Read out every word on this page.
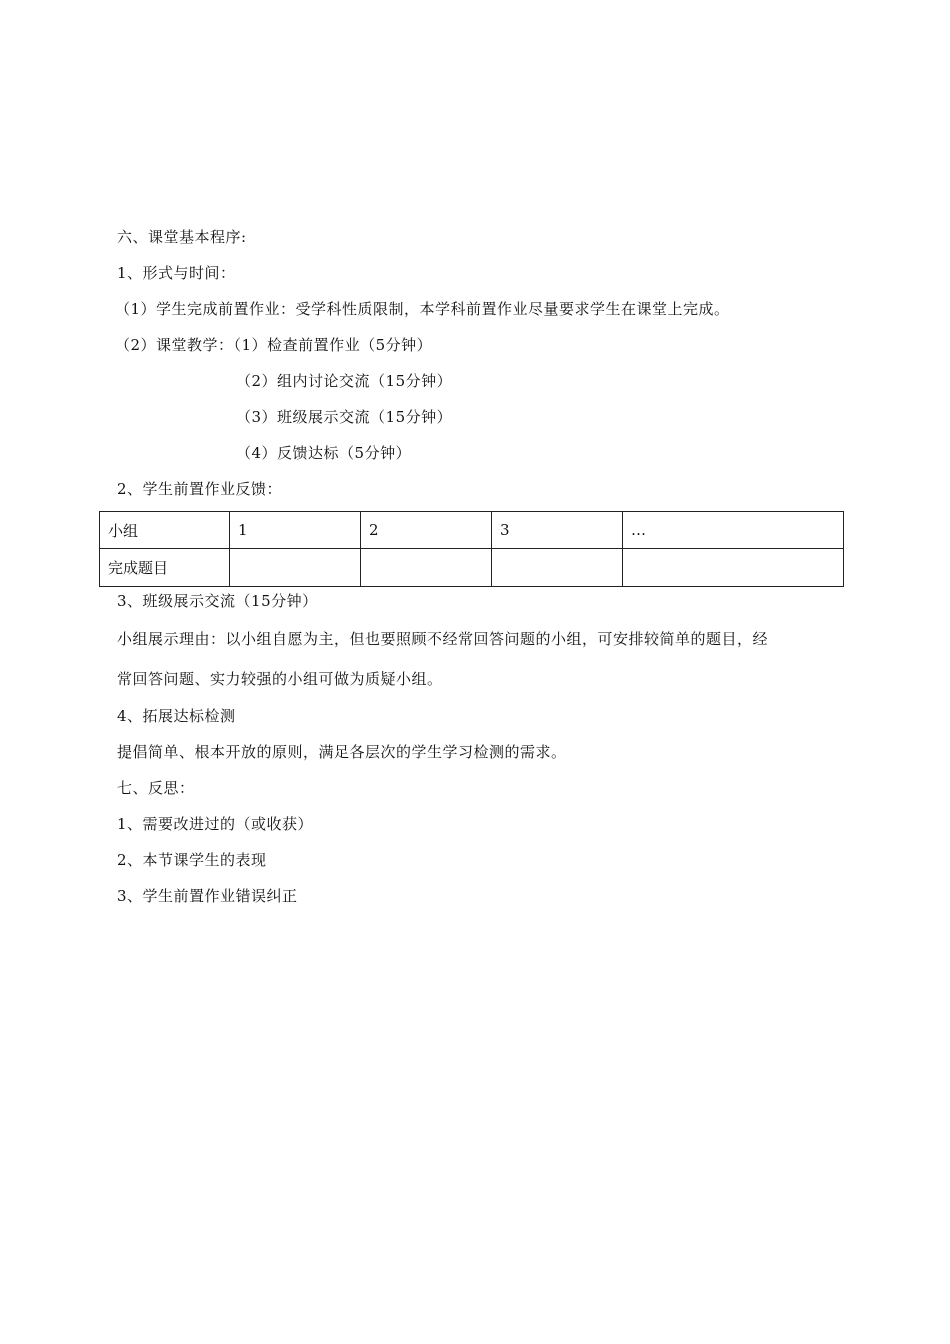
六、课堂基本程序:
1、形式与时间：
（1）学生完成前置作业：受学科性质限制，本学科前置作业尽量要求学生在课堂上完成。
（2）课堂教学：（1）检查前置作业（5分钟）
（2）组内讨论交流（15分钟）
（3）班级展示交流（15分钟）
（4）反馈达标（5分钟）
2、学生前置作业反馈：
小组	1	2	3	…
完成题目				
3、班级展示交流（15分钟）
小组展示理由：以小组自愿为主，但也要照顾不经常回答问题的小组，可安排较简单的题目，经
常回答问题、实力较强的小组可做为质疑小组。
4、拓展达标检测
提倡简单、根本开放的原则，满足各层次的学生学习检测的需求。
七、反思：
1、需要改进过的（或收获）
2、本节课学生的表现
3、学生前置作业错误纠正
